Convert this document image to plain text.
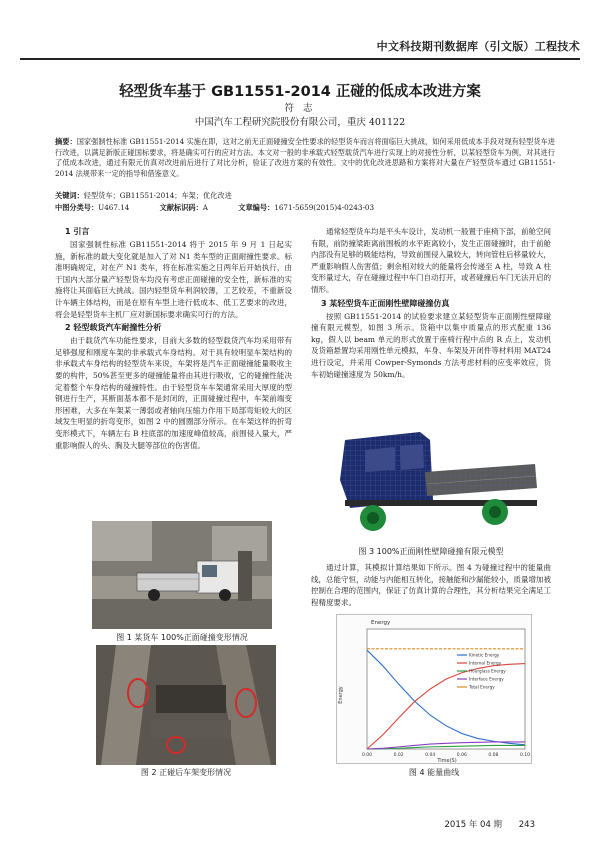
中文科技期刊数据库（引文版）工程技术
轻型货车基于 GB11551-2014 正碰的低成本改进方案
符 志
中国汽车工程研究院股份有限公司，重庆 401122
摘要：国家强制性标准 GB11551-2014 实施在即，这对之前无正面碰撞安全性要求的轻型货车而言将面临巨大挑战，如何采用低成本手段对现有轻型货车进行改进，以满足新版正碰国标要求，将是确实可行的应对方法。本文对一般的非承载式轻型载货汽车进行实现上的对接性分析，以某轻型货车为例，对其进行了低成本改进，通过有限元仿真对改进前后进行了对比分析，验证了改进方案的有效性。文中的优化改进思路和方案将对大量在产轻型货车通过 GB11551-2014 法规带来一定的指导和借鉴意义。
关键词：轻型货车；GB11551-2014；车架；优化改进
中图分类号：U467.14	文献标识码：A	文章编号：1671-5659(2015)4-0243-03
1 引言
国家强制性标准 GB11551-2014 将于 2015 年 9 月 1 日起实施，新标准的最大变化就是加入了对 N1 类车型的正面耐撞性要求。标准明确规定，对在产 N1 类车，将在标准实施之日两年后开始执行，由于国内大部分量产轻型货车均没有考虑正面碰撞的安全性，新标准的实施将让其面临巨大挑战。国内轻型货车利润较薄，工艺较差，不重新设计车辆主体结构，而是在原有车型上进行低成本、低工艺要求的改进，将会是轻型货车主机厂应对新国标要求确实可行的方法。
2 轻型载货汽车耐撞性分析
由于载货汽车功能性要求，目前大多数的轻型载货汽车均采用带有足够强度和刚度车架的非承载式车身结构。对于具有较明显车架结构的非承载式车身结构的轻型货车来说，车架将是汽车正面碰撞能量吸收主要的构件，50%甚至更多的碰撞能量将由其进行吸收，它的碰撞性能决定着整个车身结构的碰撞特性。由于轻型货车车架通常采用大厚度的型钢进行生产，其断面基本都不是封闭的，正面碰撞过程中，车架前端变形困难，大多在车架某一薄弱或者轴向压缩力作用下局部弯矩较大的区域发生明显的折弯变形，如图 2 中的圆圈部分所示。在车架这样的折弯变形模式下，车辆左右 B 柱底部的加速度峰值较高，前围侵入量大，严重影响假人的头、胸及大腿等部位的伤害值。
图 1 某货车 100%正面碰撞变形情况
图 2 正碰后车架变形情况
通常轻型货车均是平头车设计，发动机一般置于座椅下部，前舱空间有限，前防撞梁距离前围板的水平距离较小，发生正面碰撞时，由于前舱内部没有足够的吸能结构，导致前围侵入量较大，转向管柱后移量较大，严重影响假人伤害值；剩余相对较大的能量将会传递至 A 柱，导致 A 柱变形量过大，存在碰撞过程中车门自动打开，或者碰撞后车门无法开启的情形。
3 某轻型货车正面刚性壁障碰撞仿真
按照 GB11551-2014 的试验要求建立某轻型货车正面刚性壁障碰撞有限元模型，如图 3 所示。货箱中以集中质量点的形式配重 136 kg，假人以 beam 单元的形式放置于座椅行程中点的 R 点上，发动机及货箱悬置均采用刚性单元模拟，车身、车架及开闭件等材料用 MAT24 进行设定，并采用 Cowper-Symonds 方法考虑材料的应变率效应，货车初始碰撞速度为 50km/h。
图 3 100%正面刚性壁障碰撞有限元模型
通过计算，其模拟计算结果如下所示。图 4 为碰撞过程中的能量曲线，总能守恒，动能与内能相互转化，接触能和沙漏能较小，质量增加被控制在合理的范围内，保证了仿真计算的合理性，其分析结果完全满足工程精度要求。
Energy
0.00	0.02	0.04	0.06	0.08	0.10
Kinetic Energy
Internal Energy
Hourglass Energy
Interface Energy
Total Energy
Time(S)
Energy
图 4 能量曲线
2015 年 04 期 243
